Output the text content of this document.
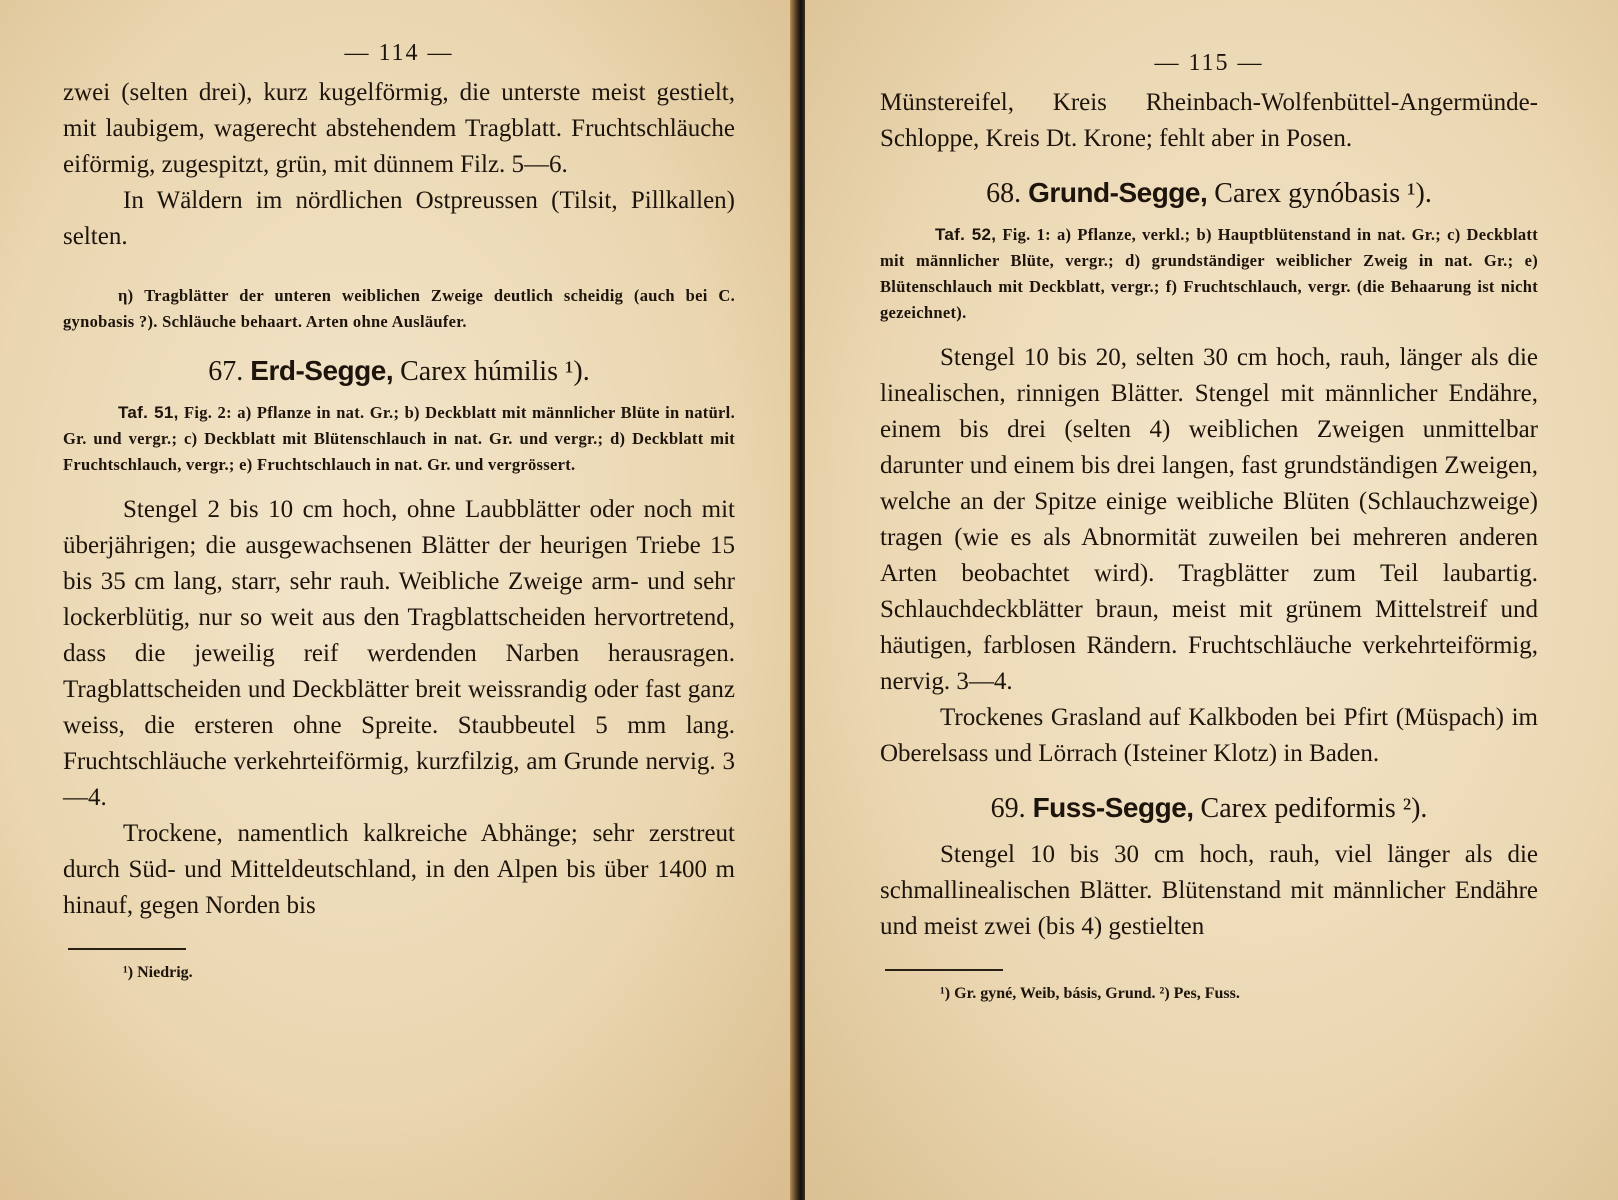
— 114 —

zwei (selten drei), kurz kugelförmig, die unterste meist gestielt, mit laubigem, wagerecht abstehendem Tragblatt. Fruchtschläuche eiförmig, zugespitzt, grün, mit dünnem Filz. 5—6.

In Wäldern im nördlichen Ostpreussen (Tilsit, Pillkallen) selten.

η) Tragblätter der unteren weiblichen Zweige deutlich scheidig (auch bei C. gynobasis ?). Schläuche behaart. Arten ohne Ausläufer.

67. Erd-Segge, Carex húmilis ¹).

Taf. 51, Fig. 2: a) Pflanze in nat. Gr.; b) Deckblatt mit männlicher Blüte in natürl. Gr. und vergr.; c) Deckblatt mit Blütenschlauch in nat. Gr. und vergr.; d) Deckblatt mit Fruchtschlauch, vergr.; e) Fruchtschlauch in nat. Gr. und vergrössert.

Stengel 2 bis 10 cm hoch, ohne Laubblätter oder noch mit überjährigen; die ausgewachsenen Blätter der heurigen Triebe 15 bis 35 cm lang, starr, sehr rauh. Weibliche Zweige arm- und sehr lockerblütig, nur so weit aus den Tragblattscheiden hervortretend, dass die jeweilig reif werdenden Narben herausragen. Tragblattscheiden und Deckblätter breit weissrandig oder fast ganz weiss, die ersteren ohne Spreite. Staubbeutel 5 mm lang. Fruchtschläuche verkehrteiförmig, kurzfilzig, am Grunde nervig. 3—4.

Trockene, namentlich kalkreiche Abhänge; sehr zerstreut durch Süd- und Mitteldeutschland, in den Alpen bis über 1400 m hinauf, gegen Norden bis

¹) Niedrig.
— 115 —

Münstereifel, Kreis Rheinbach-Wolfenbüttel-Angermünde-Schloppe, Kreis Dt. Krone; fehlt aber in Posen.

68. Grund-Segge, Carex gynóbasis ¹).

Taf. 52, Fig. 1: a) Pflanze, verkl.; b) Hauptblütenstand in nat. Gr.; c) Deckblatt mit männlicher Blüte, vergr.; d) grundständiger weiblicher Zweig in nat. Gr.; e) Blütenschlauch mit Deckblatt, vergr.; f) Fruchtschlauch, vergr. (die Behaarung ist nicht gezeichnet).

Stengel 10 bis 20, selten 30 cm hoch, rauh, länger als die linealischen, rinnigen Blätter. Stengel mit männlicher Endähre, einem bis drei (selten 4) weiblichen Zweigen unmittelbar darunter und einem bis drei langen, fast grundständigen Zweigen, welche an der Spitze einige weibliche Blüten (Schlauchzweige) tragen (wie es als Abnormität zuweilen bei mehreren anderen Arten beobachtet wird). Tragblätter zum Teil laubartig. Schlauchdeckblätter braun, meist mit grünem Mittelstreif und häutigen, farblosen Rändern. Fruchtschläuche verkehrteiförmig, nervig. 3—4.

Trockenes Grasland auf Kalkboden bei Pfirt (Müspach) im Oberelsass und Lörrach (Isteiner Klotz) in Baden.

69. Fuss-Segge, Carex pediformis ²).

Stengel 10 bis 30 cm hoch, rauh, viel länger als die schmallinealischen Blätter. Blütenstand mit männlicher Endähre und meist zwei (bis 4) gestielten

¹) Gr. gyné, Weib, básis, Grund. ²) Pes, Fuss.
